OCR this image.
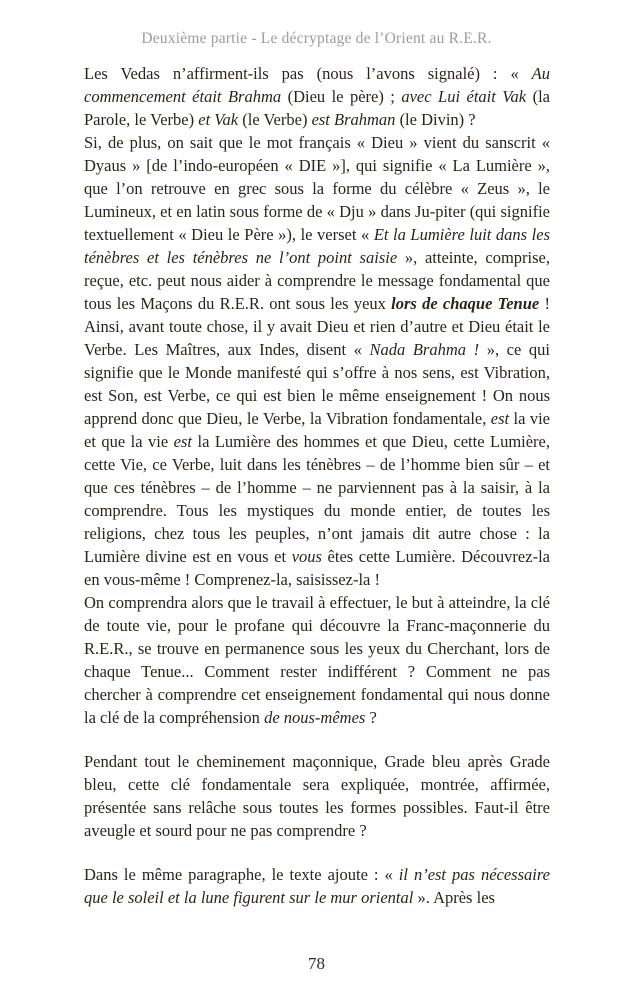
Deuxième partie - Le décryptage de l’Orient au R.E.R.

Les Vedas n’affirment-ils pas (nous l’avons signalé) : « Au commencement était Brahma (Dieu le père) ; avec Lui était Vak (la Parole, le Verbe) et Vak (le Verbe) est Brahman (le Divin) ?

Si, de plus, on sait que le mot français « Dieu » vient du sanscrit « Dyaus » [de l’indo-européen « DIE »], qui signifie « La Lumière », que l’on retrouve en grec sous la forme du célèbre « Zeus », le Lumineux, et en latin sous forme de « Dju » dans Ju-piter (qui signifie textuellement « Dieu le Père »), le verset « Et la Lumière luit dans les ténèbres et les ténèbres ne l’ont point saisie », atteinte, comprise, reçue, etc. peut nous aider à comprendre le message fondamental que tous les Maçons du R.E.R. ont sous les yeux lors de chaque Tenue ! Ainsi, avant toute chose, il y avait Dieu et rien d’autre et Dieu était le Verbe. Les Maîtres, aux Indes, disent « Nada Brahma ! », ce qui signifie que le Monde manifesté qui s’offre à nos sens, est Vibration, est Son, est Verbe, ce qui est bien le même enseignement ! On nous apprend donc que Dieu, le Verbe, la Vibration fondamentale, est la vie et que la vie est la Lumière des hommes et que Dieu, cette Lumière, cette Vie, ce Verbe, luit dans les ténèbres – de l’homme bien sûr – et que ces ténèbres – de l’homme – ne parviennent pas à la saisir, à la comprendre. Tous les mystiques du monde entier, de toutes les religions, chez tous les peuples, n’ont jamais dit autre chose : la Lumière divine est en vous et vous êtes cette Lumière. Découvrez-la en vous-même ! Comprenez-la, saisissez-la !

On comprendra alors que le travail à effectuer, le but à atteindre, la clé de toute vie, pour le profane qui découvre la Franc-maçonnerie du R.E.R., se trouve en permanence sous les yeux du Cherchant, lors de chaque Tenue... Comment rester indifférent ? Comment ne pas chercher à comprendre cet enseignement fondamental qui nous donne la clé de la compréhension de nous-mêmes ?

Pendant tout le cheminement maçonnique, Grade bleu après Grade bleu, cette clé fondamentale sera expliquée, montrée, affirmée, présentée sans relâche sous toutes les formes possibles. Faut-il être aveugle et sourd pour ne pas comprendre ?

Dans le même paragraphe, le texte ajoute : « il n’est pas nécessaire que le soleil et la lune figurent sur le mur oriental ». Après les

78
